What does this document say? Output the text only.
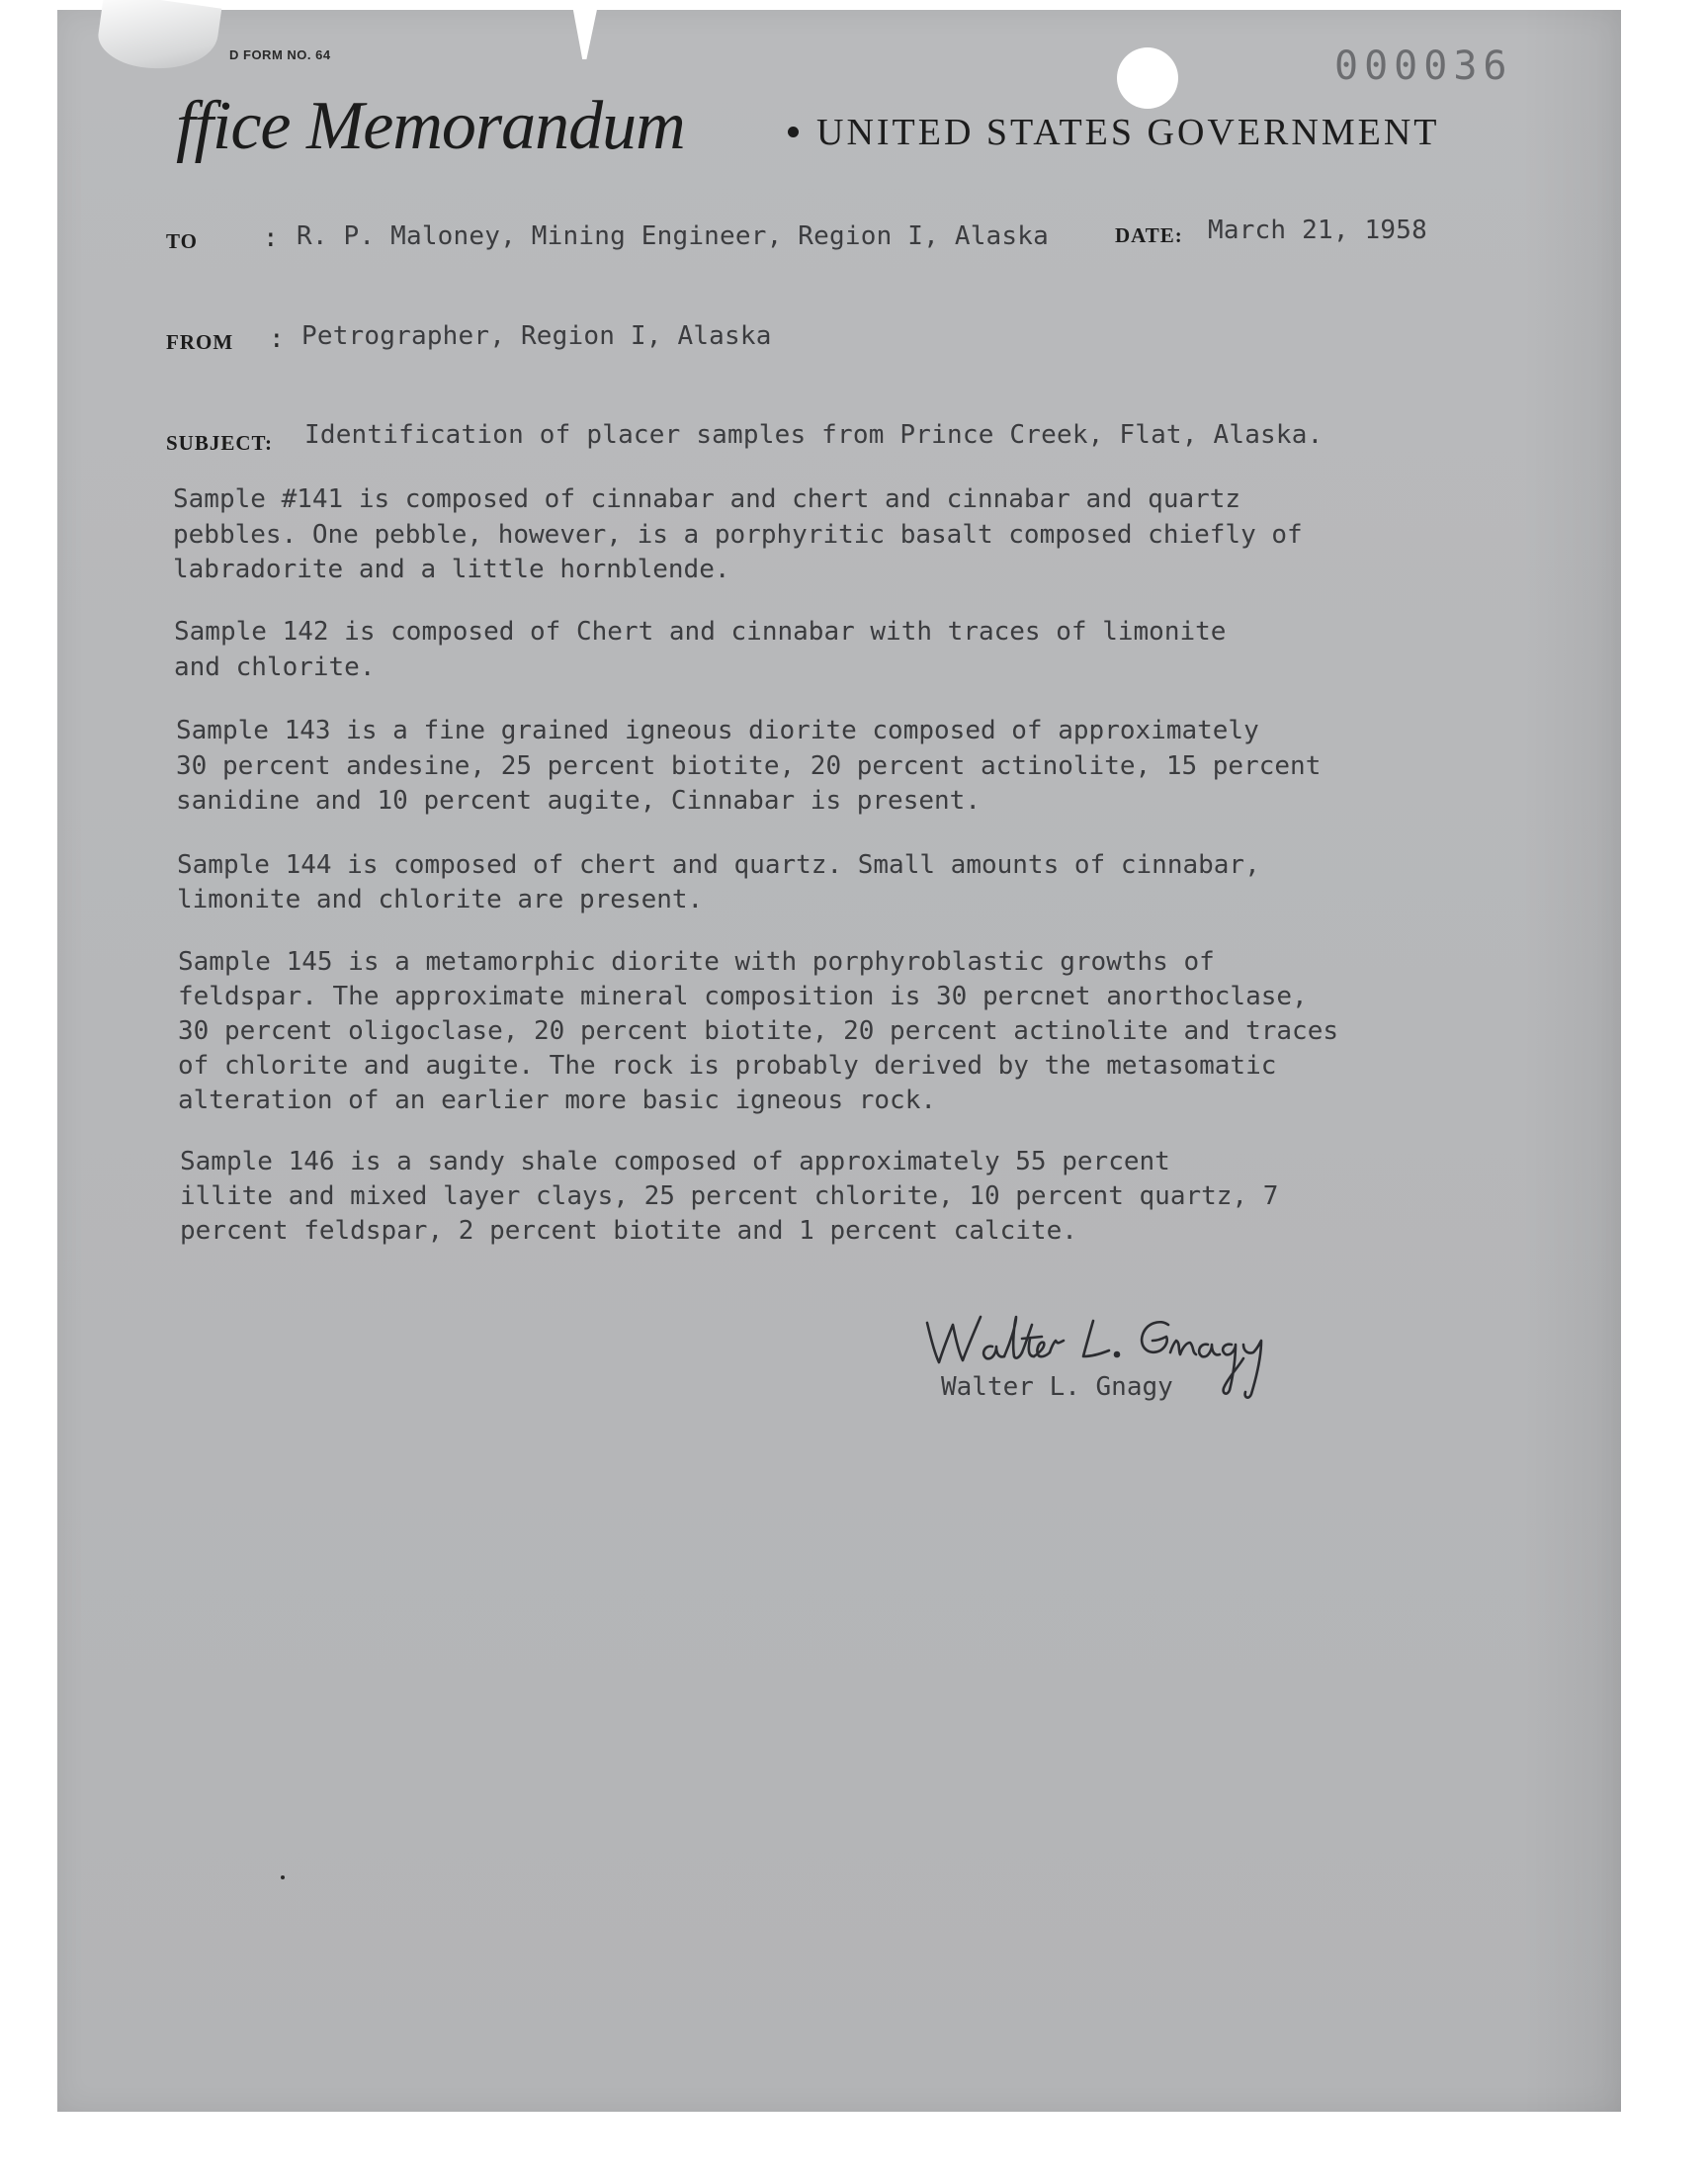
D FORM NO. 64	000036
ffice Memorandum	UNITED STATES GOVERNMENT
TO	: R. P. Maloney, Mining Engineer, Region I, Alaska	DATE: March 21, 1958
FROM : Petrographer, Region I, Alaska
SUBJECT: Identification of placer samples from Prince Creek, Flat, Alaska.
Sample #141 is composed of cinnabar and chert and cinnabar and quartz
pebbles. One pebble, however, is a porphyritic basalt composed chiefly of
labradorite and a little hornblende.
Sample 142 is composed of Chert and cinnabar with traces of limonite
and chlorite.
Sample 143 is a fine grained igneous diorite composed of approximately
30 percent andesine, 25 percent biotite, 20 percent actinolite, 15 percent
sanidine and 10 percent augite, Cinnabar is present.
Sample 144 is composed of chert and quartz. Small amounts of cinnabar,
limonite and chlorite are present.
Sample 145 is a metamorphic diorite with porphyroblastic growths of
feldspar. The approximate mineral composition is 30 percnet anorthoclase,
30 percent oligoclase, 20 percent biotite, 20 percent actinolite and traces
of chlorite and augite. The rock is probably derived by the metasomatic
alteration of an earlier more basic igneous rock.
Sample 146 is a sandy shale composed of approximately 55 percent
illite and mixed layer clays, 25 percent chlorite, 10 percent quartz, 7
percent feldspar, 2 percent biotite and 1 percent calcite.
Walter L. Gnagy
